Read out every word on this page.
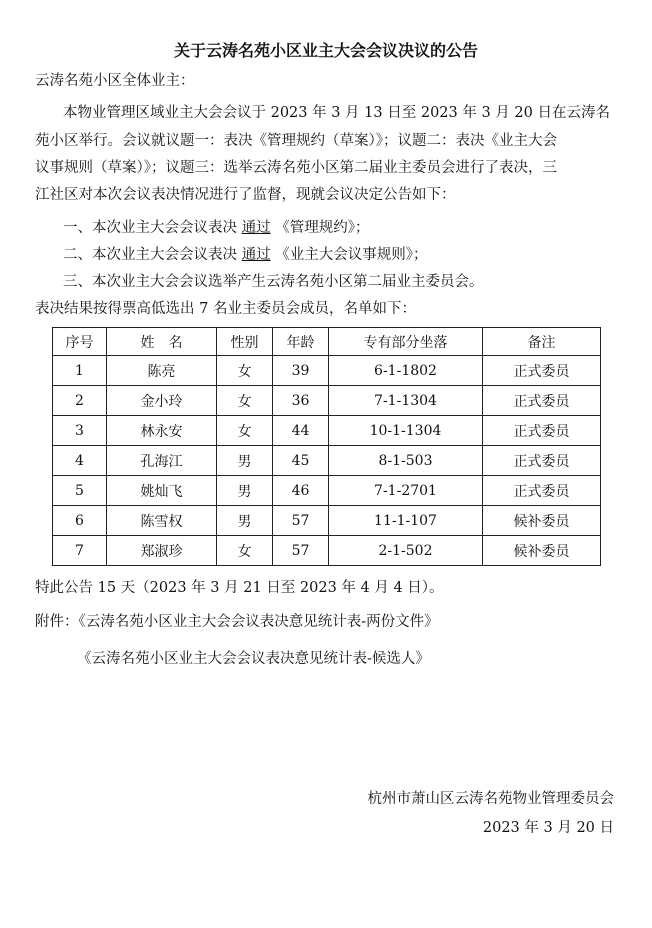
关于云涛名苑小区业主大会会议决议的公告
云涛名苑小区全体业主：
本物业管理区域业主大会会议于 2023 年 3 月 13 日至 2023 年 3 月 20 日在云涛名
苑小区举行。会议就议题一：表决《管理规约（草案）》；议题二：表决《业主大会
议事规则（草案）》；议题三：选举云涛名苑小区第二届业主委员会进行了表决，三
江社区对本次会议表决情况进行了监督，现就会议决定公告如下：
一、本次业主大会会议表决 通过 《管理规约》；
二、本次业主大会会议表决 通过 《业主大会议事规则》；
三、本次业主大会会议选举产生云涛名苑小区第二届业主委员会。
表决结果按得票高低选出 7 名业主委员会成员，名单如下：
序号	姓　名	性别	年龄	专有部分坐落	备注
1	陈亮	女	39	6-1-1802	正式委员
2	金小玲	女	36	7-1-1304	正式委员
3	林永安	女	44	10-1-1304	正式委员
4	孔海江	男	45	8-1-503	正式委员
5	姚灿飞	男	46	7-1-2701	正式委员
6	陈雪权	男	57	11-1-107	候补委员
7	郑淑珍	女	57	2-1-502	候补委员
特此公告 15 天（2023 年 3 月 21 日至 2023 年 4 月 4 日）。
附件：《云涛名苑小区业主大会会议表决意见统计表-两份文件》
《云涛名苑小区业主大会会议表决意见统计表-候选人》
杭州市萧山区云涛名苑物业管理委员会
2023 年 3 月 20 日
